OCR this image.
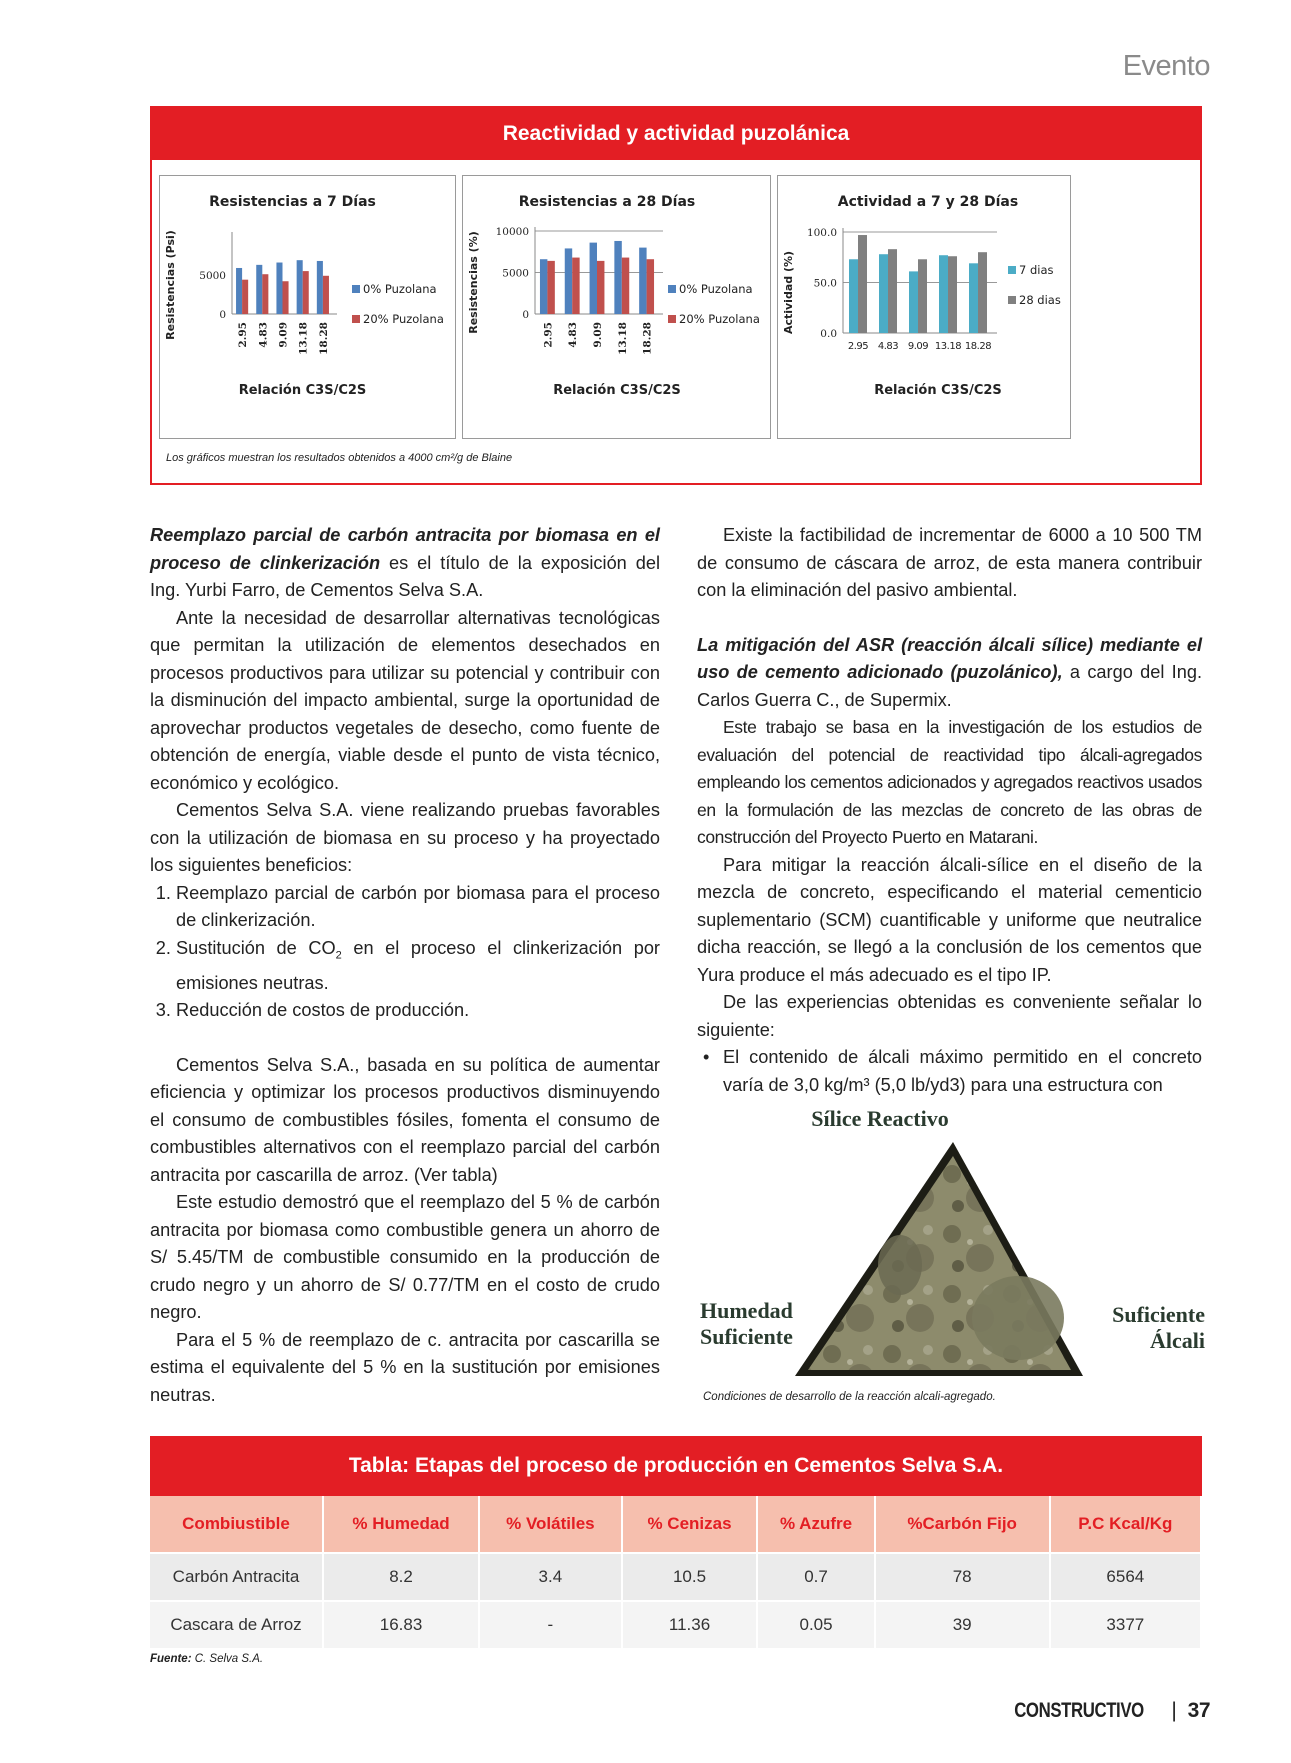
Evento
Reactividad y actividad puzolánica
Resistencias a 7 Días
Resistencias (Psi)	0
5000
2.95 4.83 9.09 13.18 18.28
Relación C3S/C2S
0% Puzolana
20% Puzolana
Resistencias a 28 Días
Resistencias (%)	0
5000
10000
2.95 4.83 9.09 13.18 18.28
Relación C3S/C2S
0% Puzolana
20% Puzolana
Actividad a 7 y 28 Días
Actividad (%) 0.0
50.0
100.0
2.95 4.83 9.09 13.18 18.28
Relación C3S/C2S
7 dias
28 dias
Los gráficos muestran los resultados obtenidos a 4000 cm²/g de Blaine

Reemplazo parcial de carbón antracita por biomasa en el proceso de clinkerización es el título de la exposición del Ing. Yurbi Farro, de Cementos Selva S.A.

Ante la necesidad de desarrollar alternativas tecnológicas que permitan la utilización de elementos desechados en procesos productivos para utilizar su potencial y contribuir con la disminución del impacto ambiental, surge la oportunidad de aprovechar productos vegetales de desecho, como fuente de obtención de energía, viable desde el punto de vista técnico, económico y ecológico.

Cementos Selva S.A. viene realizando pruebas favorables con la utilización de biomasa en su proceso y ha proyectado los siguientes beneficios:

1. Reemplazo parcial de carbón por biomasa para el proceso de clinkerización.
2. Sustitución de $CO_2$ en el proceso el clinkerización por emisiones neutras.
3. Reducción de costos de producción.

Cementos Selva S.A., basada en su política de aumentar eficiencia y optimizar los procesos productivos disminuyendo el consumo de combustibles fósiles, fomenta el consumo de combustibles alternativos con el reemplazo parcial del carbón antracita por cascarilla de arroz. (Ver tabla)

Este estudio demostró que el reemplazo del 5 % de carbón antracita por biomasa como combustible genera un ahorro de S/ 5.45/TM de combustible consumido en la producción de crudo negro y un ahorro de S/ 0.77/TM en el costo de crudo negro.

Para el 5 % de reemplazo de c. antracita por cascarilla se estima el equivalente del 5 % en la sustitución por emisiones neutras.

Existe la factibilidad de incrementar de 6000 a 10 500 TM de consumo de cáscara de arroz, de esta manera contribuir con la eliminación del pasivo ambiental.

La mitigación del ASR (reacción álcali sílice) mediante el uso de cemento adicionado (puzolánico), a cargo del Ing. Carlos Guerra C., de Supermix.

Este trabajo se basa en la investigación de los estudios de evaluación del potencial de reactividad tipo álcali-agregados empleando los cementos adicionados y agregados reactivos usados en la formulación de las mezclas de concreto de las obras de construcción del Proyecto Puerto en Matarani.

Para mitigar la reacción álcali-sílice en el diseño de la mezcla de concreto, especificando el material cementicio suplementario (SCM) cuantificable y uniforme que neutralice dicha reacción, se llegó a la conclusión de los cementos que Yura produce el más adecuado es el tipo IP.

De las experiencias obtenidas es conveniente señalar lo siguiente:

• El contenido de álcali máximo permitido en el concreto varía de 3,0 kg/m³ (5,0 lb/yd3) para una estructura con
Sílice Reactivo
Humedad
Suficiente
Suficiente
Álcali
Condiciones de desarrollo de la reacción alcali-agregado.
Tabla: Etapas del proceso de producción en Cementos Selva S.A.
Combiustible	% Humedad	% Volátiles	% Cenizas	% Azufre	%Carbón Fijo	P.C Kcal/Kg
Carbón Antracita	8.2	3.4	10.5	0.7	78	6564
Cascara de Arroz	16.83	-	11.36	0.05	39	3377
Fuente: C. Selva S.A.
CONSTRUCTIVO | 37
